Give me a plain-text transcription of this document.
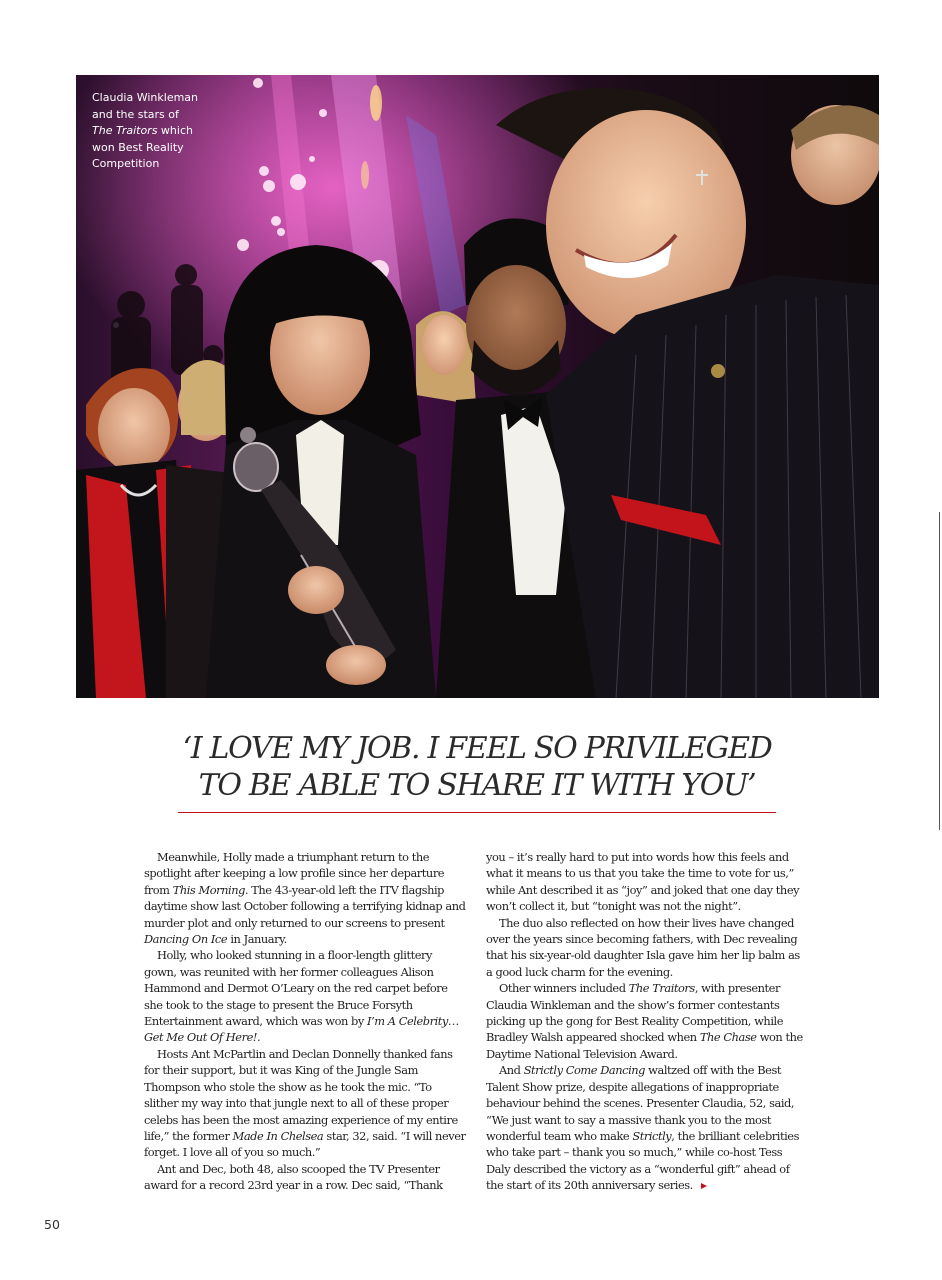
Claudia Winkleman
and the stars of
The Traitors which
won Best Reality
Competition
‘I LOVE MY JOB. I FEEL SO PRIVILEGED
TO BE ABLE TO SHARE IT WITH YOU’

Meanwhile, Holly made a triumphant return to the spotlight after keeping a low profile since her departure from This Morning. The 43-year-old left the ITV flagship daytime show last October following a terrifying kidnap and murder plot and only returned to our screens to present Dancing On Ice in January.

Holly, who looked stunning in a floor-length glittery gown, was reunited with her former colleagues Alison Hammond and Dermot O’Leary on the red carpet before she took to the stage to present the Bruce Forsyth Entertainment award, which was won by I’m A Celebrity… Get Me Out Of Here!.

Hosts Ant McPartlin and Declan Donnelly thanked fans for their support, but it was King of the Jungle Sam Thompson who stole the show as he took the mic. “To slither my way into that jungle next to all of these proper celebs has been the most amazing experience of my entire life,” the former Made In Chelsea star, 32, said. “I will never forget. I love all of you so much.”

Ant and Dec, both 48, also scooped the TV Presenter award for a record 23rd year in a row. Dec said, “Thank

you – it’s really hard to put into words how this feels and what it means to us that you take the time to vote for us,” while Ant described it as “joy” and joked that one day they won’t collect it, but “tonight was not the night”.

The duo also reflected on how their lives have changed over the years since becoming fathers, with Dec revealing that his six-year-old daughter Isla gave him her lip balm as a good luck charm for the evening.

Other winners included The Traitors, with presenter Claudia Winkleman and the show’s former contestants picking up the gong for Best Reality Competition, while Bradley Walsh appeared shocked when The Chase won the Daytime National Television Award.

And Strictly Come Dancing waltzed off with the Best Talent Show prize, despite allegations of inappropriate behaviour behind the scenes. Presenter Claudia, 52, said, “We just want to say a massive thank you to the most wonderful team who make Strictly, the brilliant celebrities who take part – thank you so much,” while co-host Tess Daly described the victory as a “wonderful gift” ahead of the start of its 20th anniversary series.

50
